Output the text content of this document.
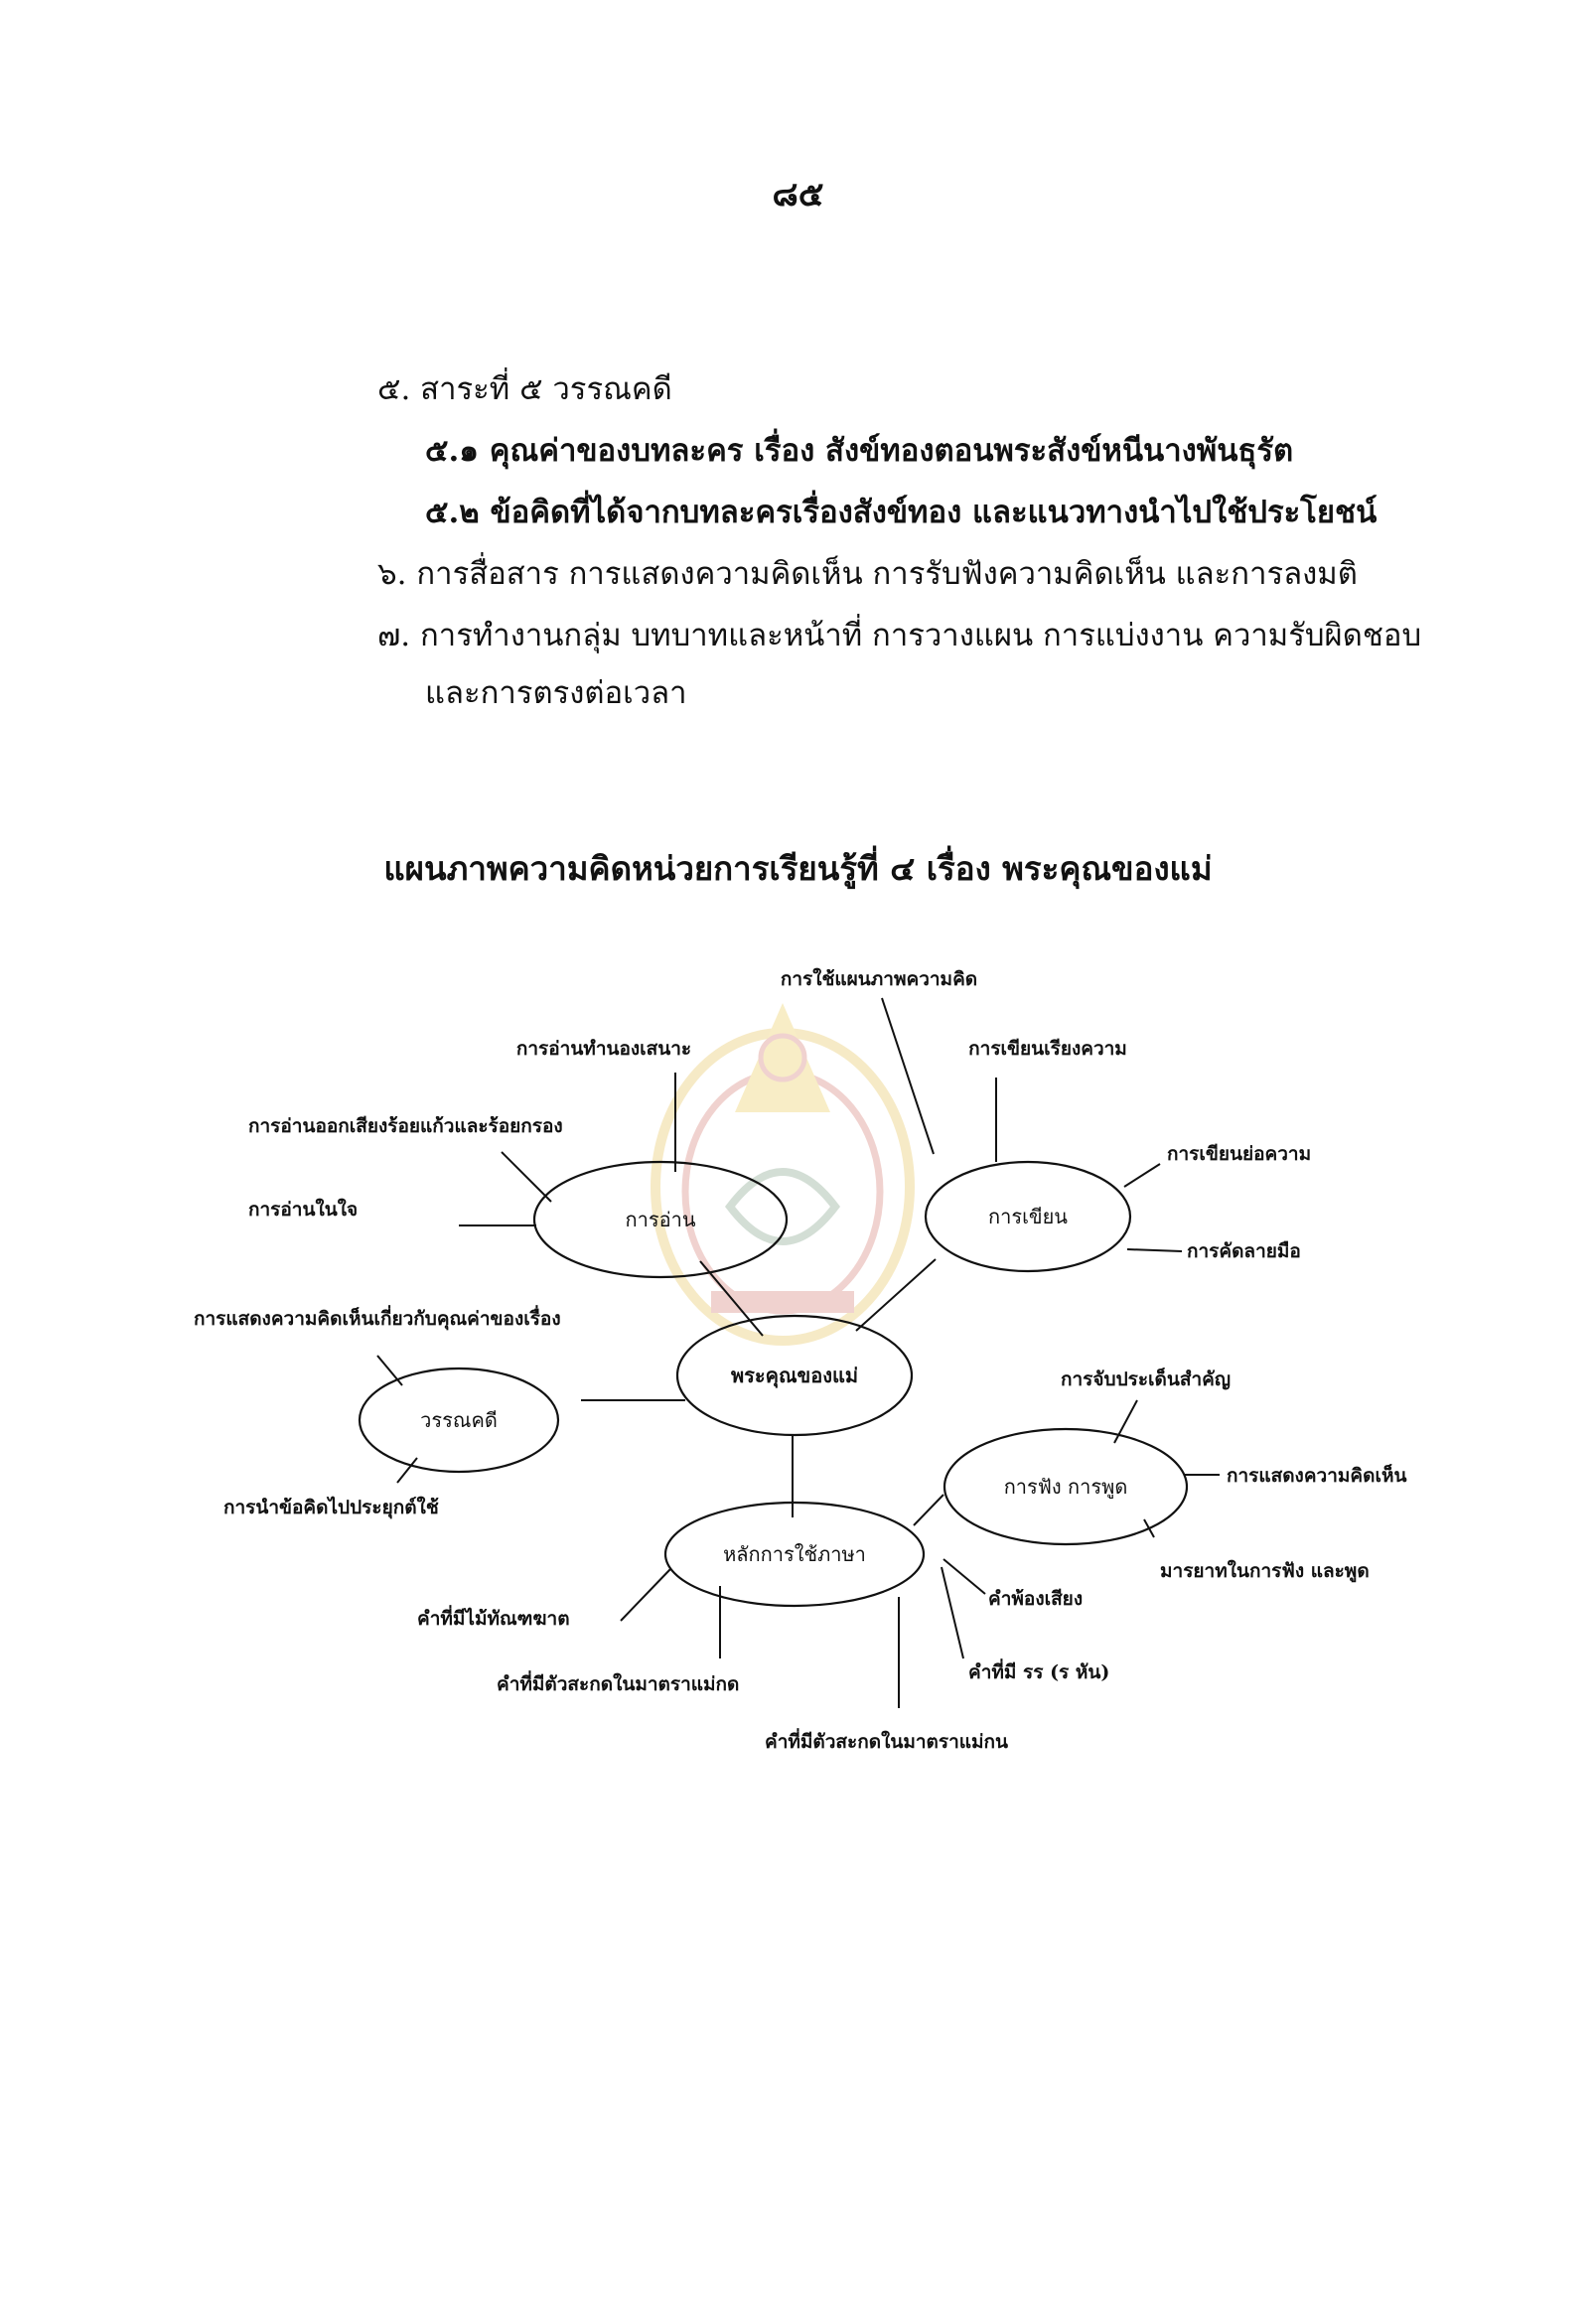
๘๕
๕. สาระที่ ๕ วรรณคดี
๕.๑ คุณค่าของบทละคร เรื่อง สังข์ทองตอนพระสังข์หนีนางพันธุรัต
๕.๒ ข้อคิดที่ได้จากบทละครเรื่องสังข์ทอง และแนวทางนำไปใช้ประโยชน์
๖. การสื่อสาร การแสดงความคิดเห็น การรับฟังความคิดเห็น และการลงมติ
๗. การทำงานกลุ่ม บทบาทและหน้าที่ การวางแผน การแบ่งงาน ความรับผิดชอบ
และการตรงต่อเวลา
แผนภาพความคิดหน่วยการเรียนรู้ที่ ๔ เรื่อง พระคุณของแม่
พระคุณของแม่
การอ่าน	การเขียน
วรรณคดี
การฟัง การพูด
หลักการใช้ภาษา
การอ่านทำนองเสนาะ
การอ่านออกเสียงร้อยแก้วและร้อยกรอง
การอ่านในใจ
การใช้แผนภาพความคิด
การเขียนเรียงความ
การเขียนย่อความ
การคัดลายมือ
การแสดงความคิดเห็นเกี่ยวกับคุณค่าของเรื่อง
การนำข้อคิดไปประยุกต์ใช้
การจับประเด็นสำคัญ
การแสดงความคิดเห็น
มารยาทในการฟัง และพูด
คำที่มีไม้ทัณฑฆาต
คำที่มีตัวสะกดในมาตราแม่กด
คำที่มีตัวสะกดในมาตราแม่กน
คำที่มี รร (ร หัน)
คำพ้องเสียง
